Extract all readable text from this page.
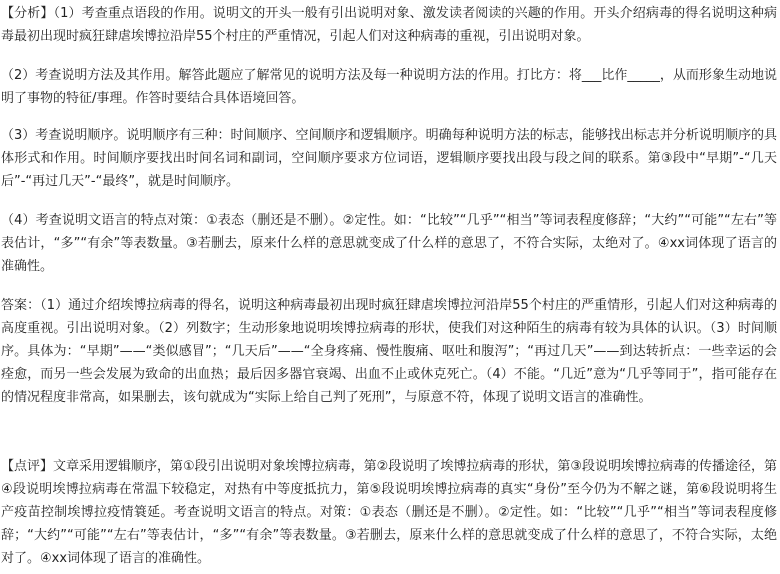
【分析】（1）考查重点语段的作用。说明文的开头一般有引出说明对象、激发读者阅读的兴趣的作用。开头介绍病毒的得名说明这种病毒最初出现时疯狂肆虐埃博拉沿岸55个村庄的严重情况，引起人们对这种病毒的重视，引出说明对象。

（2）考查说明方法及其作用。解答此题应了解常见的说明方法及每一种说明方法的作用。打比方：将___比作_____，从而形象生动地说明了事物的特征/事理。作答时要结合具体语境回答。

（3）考查说明顺序。说明顺序有三种：时间顺序、空间顺序和逻辑顺序。明确每种说明方法的标志，能够找出标志并分析说明顺序的具体形式和作用。时间顺序要找出时间名词和副词，空间顺序要求方位词语，逻辑顺序要找出段与段之间的联系。第③段中“早期”-“几天后”-“再过几天”-“最终”，就是时间顺序。

（4）考查说明文语言的特点对策：①表态（删还是不删）。②定性。如：“比较”“几乎”“相当”等词表程度修辞；“大约”“可能”“左右”等表估计，“多”“有余”等表数量。③若删去，原来什么样的意思就变成了什么样的意思了，不符合实际，太绝对了。④xx词体现了语言的准确性。

答案：（1）通过介绍埃博拉病毒的得名，说明这种病毒最初出现时疯狂肆虐埃博拉河沿岸55个村庄的严重情形，引起人们对这种病毒的高度重视。引出说明对象。（2）列数字；生动形象地说明埃博拉病毒的形状，使我们对这种陌生的病毒有较为具体的认识。（3）时间顺序。具体为：“早期”——“类似感冒”；“几天后”——“全身疼痛、慢性腹痛、呕吐和腹泻”；“再过几天”——到达转折点：一些幸运的会痊愈，而另一些会发展为致命的出血热；最后因多器官衰竭、出血不止或休克死亡。（4）不能。“几近”意为“几乎等同于”，指可能存在的情况程度非常高，如果删去，该句就成为“实际上给自己判了死刑”，与原意不符，体现了说明文语言的准确性。

【点评】文章采用逻辑顺序，第①段引出说明对象埃博拉病毒，第②段说明了埃博拉病毒的形状，第③段说明埃博拉病毒的传播途径，第④段说明埃博拉病毒在常温下较稳定，对热有中等度抵抗力，第⑤段说明埃博拉病毒的真实“身份”至今仍为不解之谜，第⑥段说明将生产疫苗控制埃博拉疫情簑延。考查说明文语言的特点。对策：①表态（删还是不删）。②定性。如：“比较”“几乎”“相当”等词表程度修辞；“大约”“可能”“左右”等表估计，“多”“有余”等表数量。③若删去，原来什么样的意思就变成了什么样的意思了，不符合实际，太绝对了。④xx词体现了语言的准确性。
